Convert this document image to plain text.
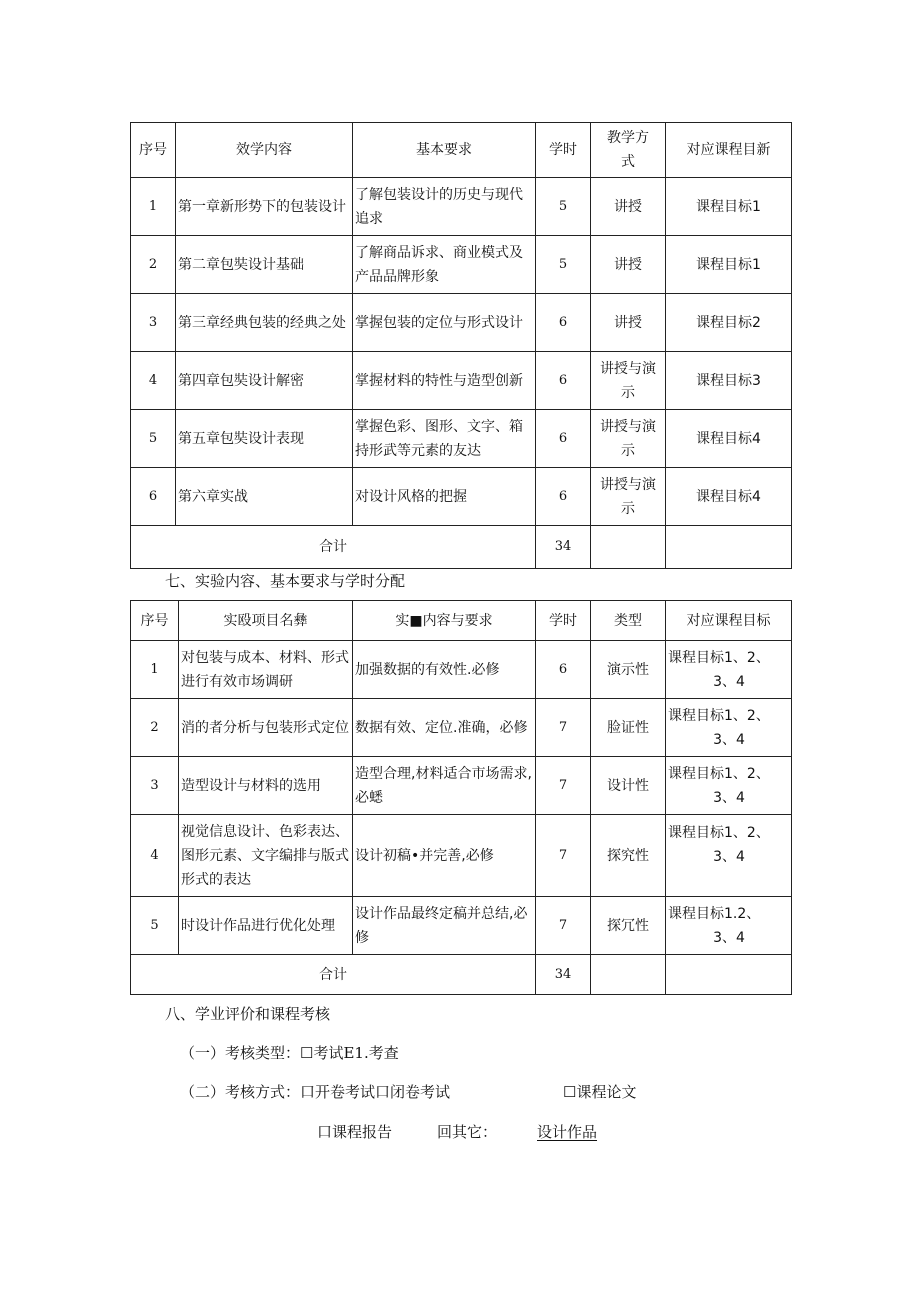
序号	效学内容	基本要求	学时	教学方式	对应课程目新
1	第一章新形势下的包装设计	了解包装设计的历史与现代追求	5	讲授	课程目标1
2	第二章包奘设计基础	了解商品诉求、商业模式及产品品牌形象	5	讲授	课程目标1
3	第三章经典包装的经典之处	掌握包装的定位与形式设计	6	讲授	课程目标2
4	第四章包奘设计解密	掌握材料的特性与造型创新	6	讲授与演示	课程目标3
5	第五章包奘设计表现	掌握色彩、图形、文字、箱持形武等元素的友达	6	讲授与演示	课程目标4
6	第六章实战	对设计风格的把握	6	讲授与演示	课程目标4
合计			34		
七、实验内容、基本要求与学时分配
序号	实殴项目名彝	实■内容与要求	学时	类型	对应课程目标
1	对包装与成本、材料、形式进行有效市场调研	加强数据的有效性.必修	6	演示性	课程目标1、2、
3、4

2	消的者分析与包装形式定位	数据有效、定位.准确，必修	7	脸证性	课程目标1、2、
3、4

3	造型设计与材料的选用	造型合理,材料适合市场需求,必蟋	7	设计性	课程目标1、2、
3、4

4	视觉信息设计、色彩表达、图形元素、文字编排与版式形式的表达	设计初稿•并完善,必修	7	探究性	课程目标1、2、
3、4

5	时设计作品进行优化处理	设计作品最终定稿并总结,必修	7	探冗性	课程目标1.2、
3、4

合计			34		
八、学业评价和课程考核
（一）考核类型：☐考试E1.考查
（二）考核方式：口开卷考试口闭卷考试	☐课程论文
口课程报告	回其它：	设计作品
